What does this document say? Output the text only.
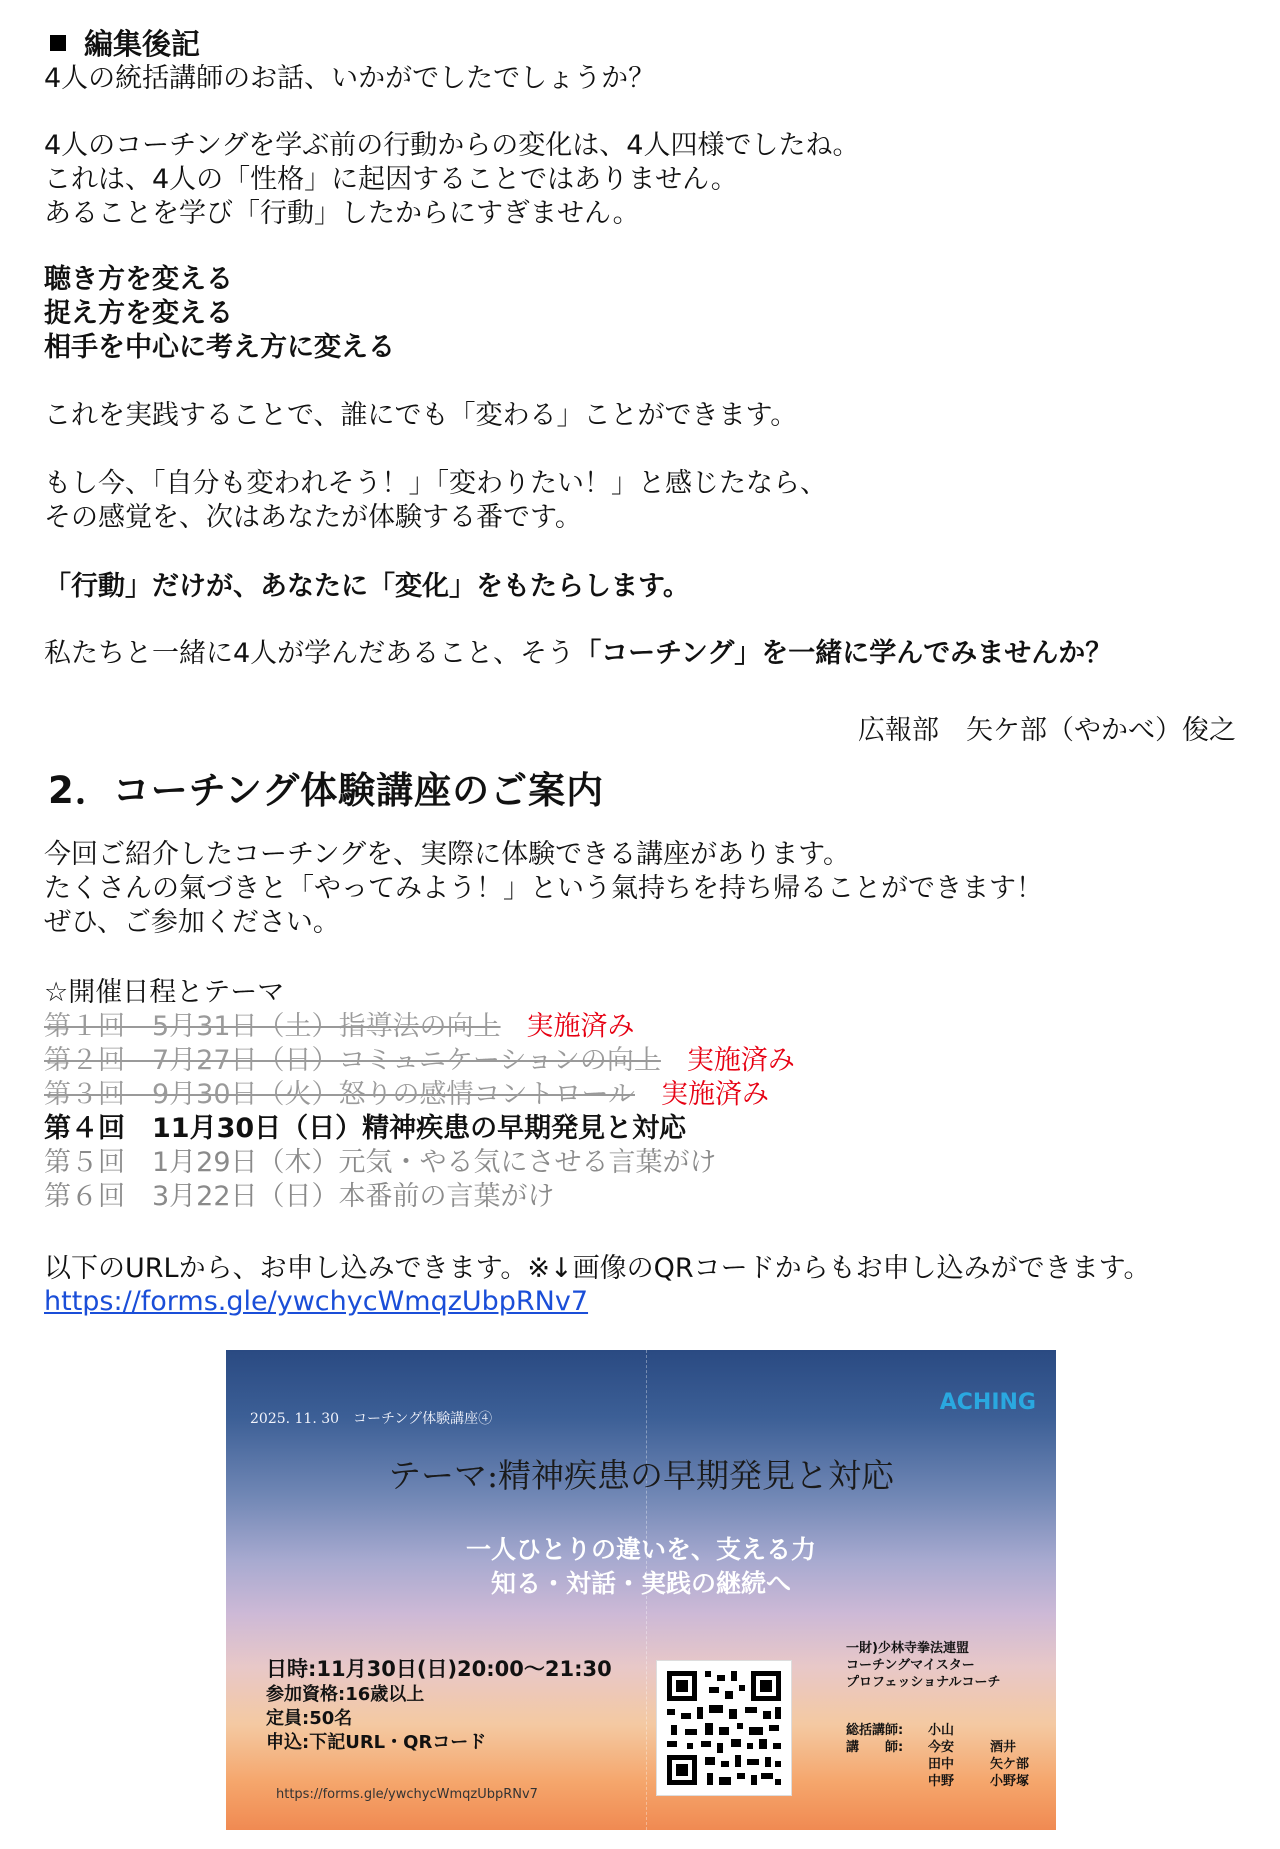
編集後記
4人の統括講師のお話、いかがでしたでしょうか？
4人のコーチングを学ぶ前の行動からの変化は、4人四様でしたね。
これは、4人の「性格」に起因することではありません。
あることを学び「行動」したからにすぎません。
聴き方を変える
捉え方を変える
相手を中心に考え方に変える
これを実践することで、誰にでも「変わる」ことができます。
もし今、「自分も変われそう！」「変わりたい！」と感じたなら、
その感覚を、次はあなたが体験する番です。
「行動」だけが、あなたに「変化」をもたらします。
私たちと一緒に4人が学んだあること、そう「コーチング」を一緒に学んでみませんか？
広報部　矢ケ部（やかべ）俊之
2．コーチング体験講座のご案内
今回ご紹介したコーチングを、実際に体験できる講座があります。
たくさんの氣づきと「やってみよう！」という氣持ちを持ち帰ることができます！
ぜひ、ご参加ください。
☆開催日程とテーマ
第１回　5月31日（土）指導法の向上 実施済み
第２回　7月27日（日）コミュニケーションの向上 実施済み
第３回　9月30日（火）怒りの感情コントロール 実施済み
第４回　11月30日（日）精神疾患の早期発見と対応
第５回　1月29日（木）元気・やる気にさせる言葉がけ
第６回　3月22日（日）本番前の言葉がけ
以下のURLから、お申し込みできます。※↓画像のQRコードからもお申し込みができます。
https://forms.gle/ywchycWmqzUbpRNv7
2025. 11. 30　コーチング体験講座④
ACHING
テーマ:精神疾患の早期発見と対応
一人ひとりの違いを、支える力
知る・対話・実践の継続へ
日時:11月30日(日)20:00～21:30
参加資格:16歳以上
定員:50名
申込:下記URL・QRコード
https://forms.gle/ywchycWmqzUbpRNv7
一財)少林寺拳法連盟
コーチングマイスター
プロフェッショナルコーチ
総括講師: 小山
講　　師: 今安	酒井
田中	矢ケ部
中野	小野塚
